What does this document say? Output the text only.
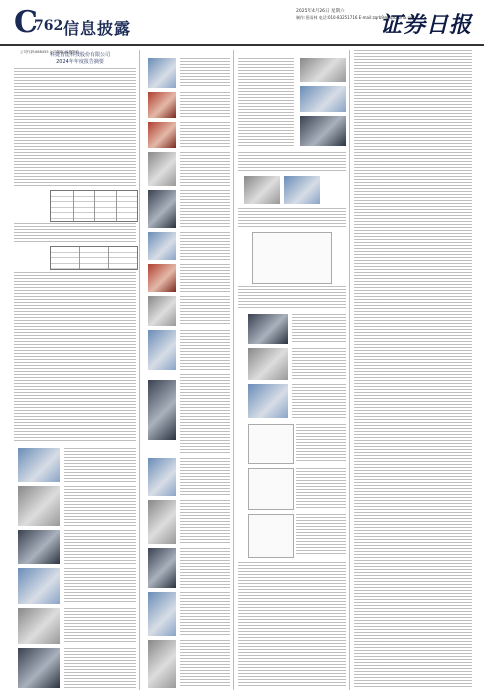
C
762 信息披露
2025年4月26日 星期六
制作:景雨林 电话:010-83251716 E-mail:zqrb9@zqrb.sina.net
证券日报
公司代码:688455 公司简称:科捷智能
科捷智能科技股份有限公司
2024年年度报告摘要
